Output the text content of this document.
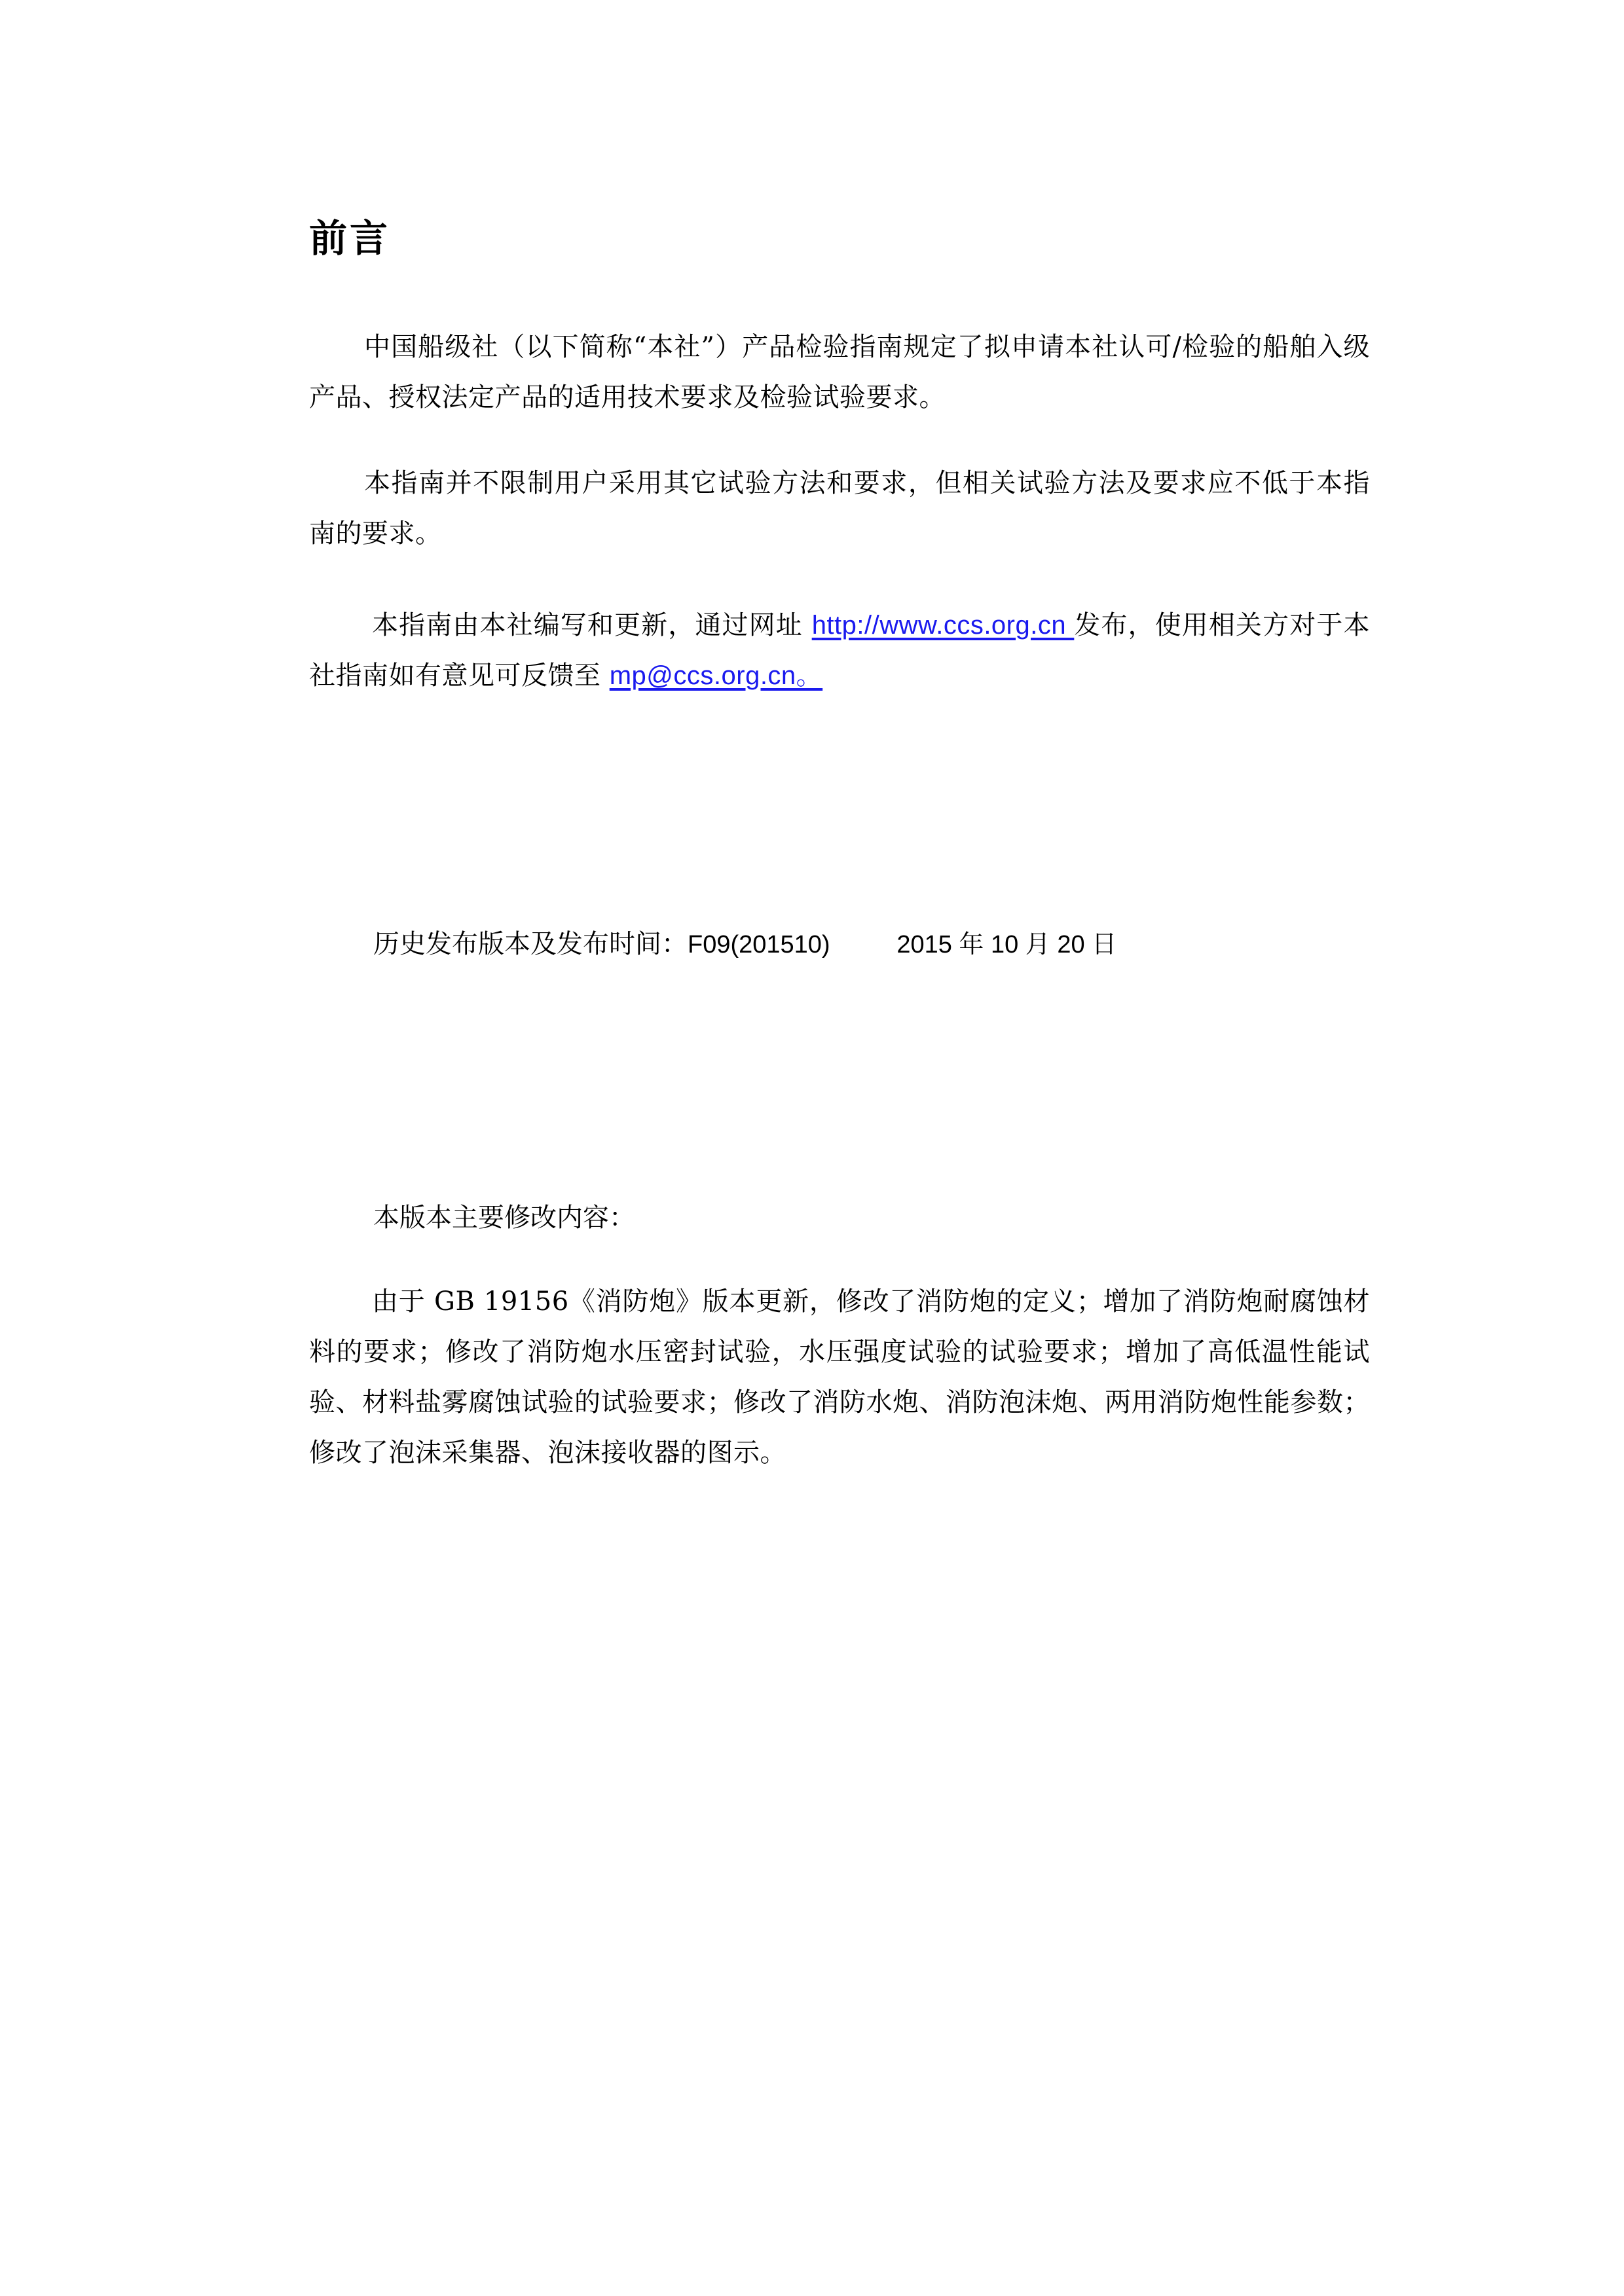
前言

中国船级社（以下简称“本社”）产品检验指南规定了拟申请本社认可/检验的船舶入级产品、授权法定产品的适用技术要求及检验试验要求。

本指南并不限制用户采用其它试验方法和要求，但相关试验方法及要求应不低于本指南的要求。

本指南由本社编写和更新，通过网址 http://www.ccs.org.cn 发布，使用相关方对于本社指南如有意见可反馈至 mp@ccs.org.cn。

历史发布版本及发布时间：F09(201510)	2015 年 10 月 20 日
本版本主要修改内容：

由于 GB 19156《消防炮》版本更新，修改了消防炮的定义；增加了消防炮耐腐蚀材料的要求；修改了消防炮水压密封试验，水压强度试验的试验要求；增加了高低温性能试验、材料盐雾腐蚀试验的试验要求；修改了消防水炮、消防泡沫炮、两用消防炮性能参数；修改了泡沫采集器、泡沫接收器的图示。
